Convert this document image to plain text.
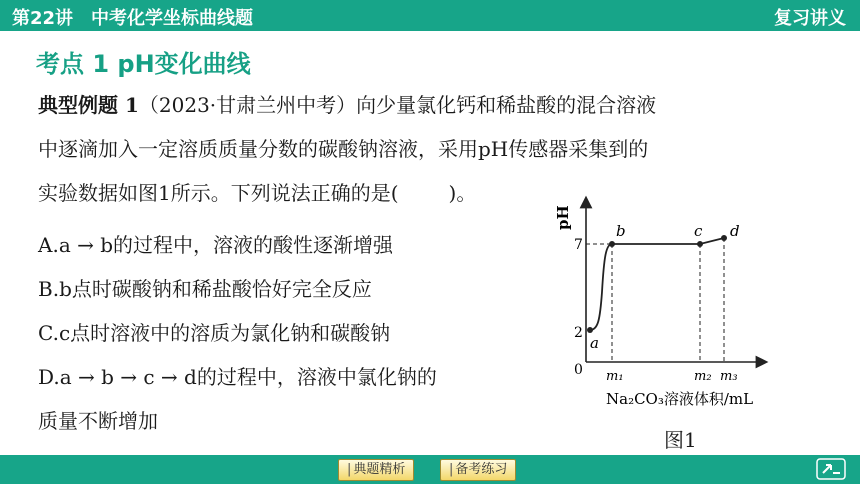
第22讲　中考化学坐标曲线题	复习讲义
考点 1 pH变化曲线
典型例题 1（2023·甘肃兰州中考）向少量氯化钙和稀盐酸的混合溶液
中逐滴加入一定溶质质量分数的碳酸钠溶液，采用pH传感器采集到的
实验数据如图1所示。下列说法正确的是(	)。
A.a → b的过程中，溶液的酸性逐渐增强
B.b点时碳酸钠和稀盐酸恰好完全反应
C.c点时溶液中的溶质为氯化钠和碳酸钠
D.a → b → c → d的过程中，溶液中氯化钠的
质量不断增加
pH
0
2
7
a
b	c d
m₁	m₂ m₃
Na₂CO₃溶液体积/mL
图1
| 典题精析
|	备考练习
